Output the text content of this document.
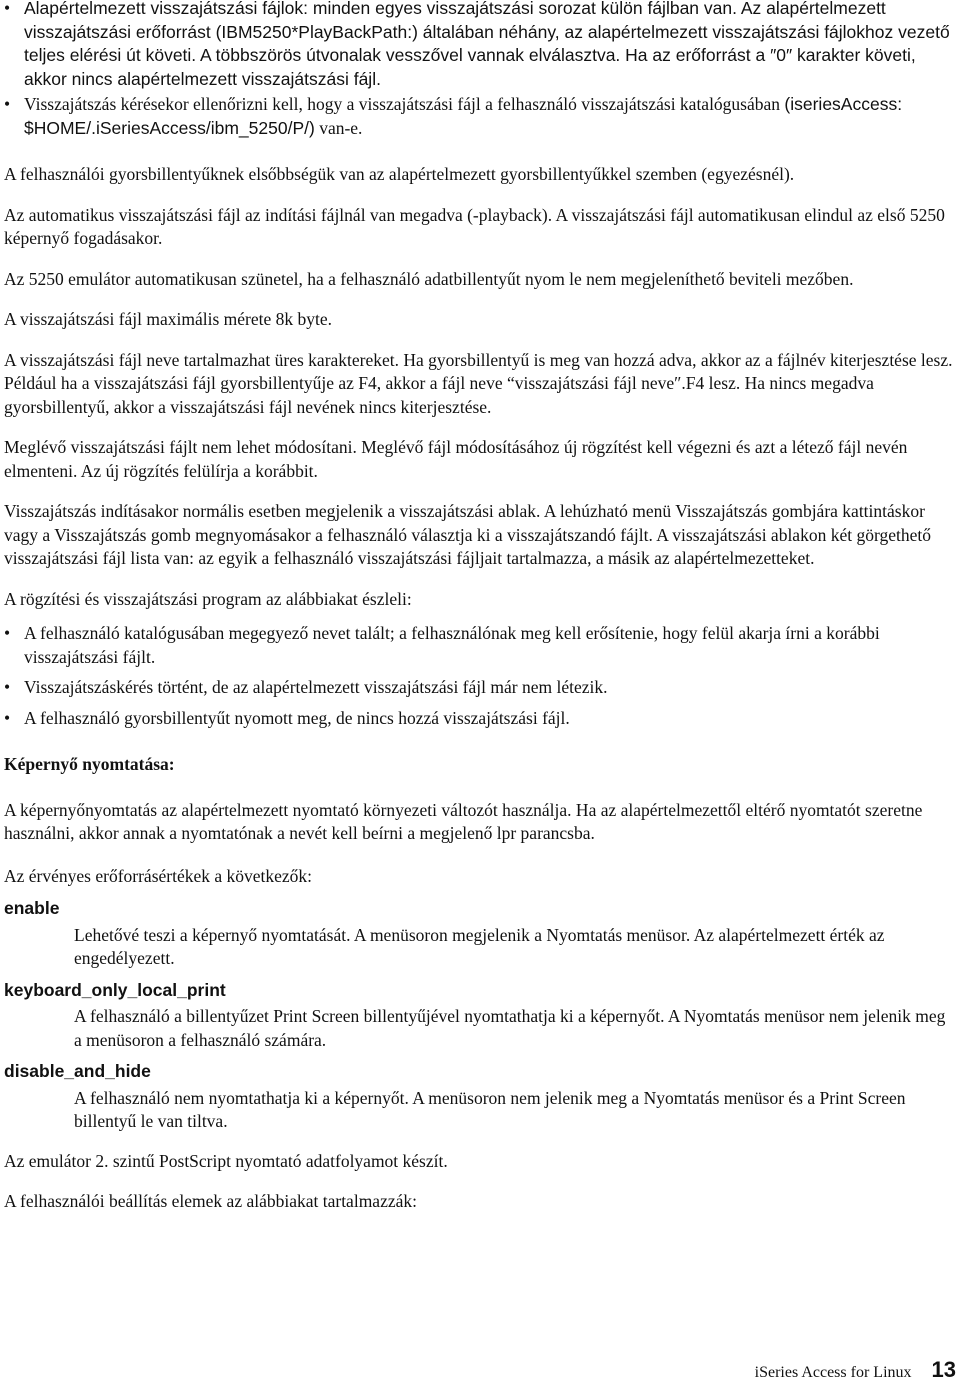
• Alapértelmezett visszajátszási fájlok: minden egyes visszajátszási sorozat külön fájlban van. Az alapértelmezett visszajátszási erőforrást (IBM5250*PlayBackPath:) általában néhány, az alapértelmezett visszajátszási fájlokhoz vezető teljes elérési út követi. A többszörös útvonalak vesszővel vannak elválasztva. Ha az erőforrást a ″0″ karakter követi, akkor nincs alapértelmezett visszajátszási fájl.
• Visszajátszás kérésekor ellenőrizni kell, hogy a visszajátszási fájl a felhasználó visszajátszási katalógusában (iseriesAccess: $HOME/.iSeriesAccess/ibm_5250/P/) van-e.

A felhasználói gyorsbillentyűknek elsőbbségük van az alapértelmezett gyorsbillentyűkkel szemben (egyezésnél).

Az automatikus visszajátszási fájl az indítási fájlnál van megadva (-playback). A visszajátszási fájl automatikusan elindul az első 5250 képernyő fogadásakor.

Az 5250 emulátor automatikusan szünetel, ha a felhasználó adatbillentyűt nyom le nem megjeleníthető beviteli mezőben.

A visszajátszási fájl maximális mérete 8k byte.

A visszajátszási fájl neve tartalmazhat üres karaktereket. Ha gyorsbillentyű is meg van hozzá adva, akkor az a fájlnév kiterjesztése lesz. Például ha a visszajátszási fájl gyorsbillentyűje az F4, akkor a fájl neve “visszajátszási fájl neve″.F4 lesz. Ha nincs megadva gyorsbillentyű, akkor a visszajátszási fájl nevének nincs kiterjesztése.

Meglévő visszajátszási fájlt nem lehet módosítani. Meglévő fájl módosításához új rögzítést kell végezni és azt a létező fájl nevén elmenteni. Az új rögzítés felülírja a korábbit.

Visszajátszás indításakor normális esetben megjelenik a visszajátszási ablak. A lehúzható menü Visszajátszás gombjára kattintáskor vagy a Visszajátszás gomb megnyomásakor a felhasználó választja ki a visszajátszandó fájlt. A visszajátszási ablakon két görgethető visszajátszási fájl lista van: az egyik a felhasználó visszajátszási fájljait tartalmazza, a másik az alapértelmezetteket.

A rögzítési és visszajátszási program az alábbiakat észleli:

• A felhasználó katalógusában megegyező nevet talált; a felhasználónak meg kell erősítenie, hogy felül akarja írni a korábbi visszajátszási fájlt.
• Visszajátszáskérés történt, de az alapértelmezett visszajátszási fájl már nem létezik.
• A felhasználó gyorsbillentyűt nyomott meg, de nincs hozzá visszajátszási fájl.

Képernyő nyomtatása:

A képernyőnyomtatás az alapértelmezett nyomtató környezeti változót használja. Ha az alapértelmezettől eltérő nyomtatót szeretne használni, akkor annak a nyomtatónak a nevét kell beírni a megjelenő lpr parancsba.

Az érvényes erőforrásértékek a következők:

enable
Lehetővé teszi a képernyő nyomtatását. A menüsoron megjelenik a Nyomtatás menüsor. Az alapértelmezett érték az engedélyezett.
keyboard_only_local_print
A felhasználó a billentyűzet Print Screen billentyűjével nyomtathatja ki a képernyőt. A Nyomtatás menüsor nem jelenik meg a menüsoron a felhasználó számára.
disable_and_hide
A felhasználó nem nyomtathatja ki a képernyőt. A menüsoron nem jelenik meg a Nyomtatás menüsor és a Print Screen billentyű le van tiltva.

Az emulátor 2. szintű PostScript nyomtató adatfolyamot készít.

A felhasználói beállítás elemek az alábbiakat tartalmazzák:

iSeries Access for Linux 13
